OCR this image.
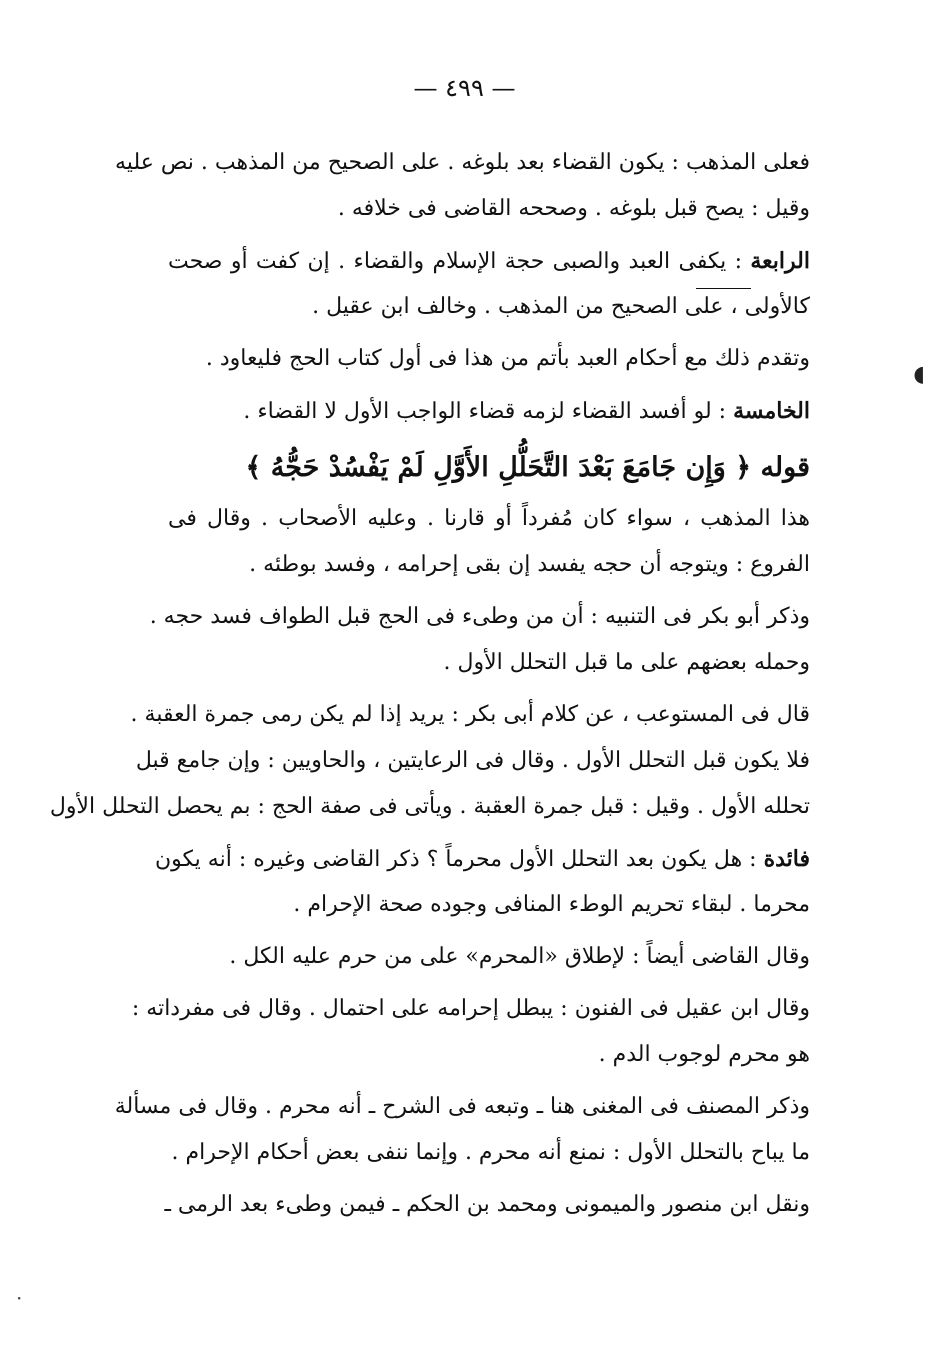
— ٤٩٩ —
◖
·
فعلى المذهب : يكون القضاء بعد بلوغه . على الصحيح من المذهب . نص عليه
وقيل : يصح قبل بلوغه . وصححه القاضى فى خلافه .
الرابعة : يكفى العبد والصبى حجة الإسلام والقضاء . إن كفت أو صحت
كالأولى ، على الصحيح من المذهب . وخالف ابن عقيل .
وتقدم ذلك مع أحكام العبد بأتم من هذا فى أول كتاب الحج فليعاود .
الخامسة : لو أفسد القضاء لزمه قضاء الواجب الأول لا القضاء .
قوله ﴿ وَإِن جَامَعَ بَعْدَ التَّحَلُّلِ الأَوَّلِ لَمْ يَفْسُدْ حَجُّهُ ﴾
هذا المذهب ، سواء كان مُفرداً أو قارنا . وعليه الأصحاب . وقال فى
الفروع : ويتوجه أن حجه يفسد إن بقى إحرامه ، وفسد بوطئه .
وذكر أبو بكر فى التنبيه : أن من وطىء فى الحج قبل الطواف فسد حجه .
وحمله بعضهم على ما قبل التحلل الأول .
قال فى المستوعب ، عن كلام أبى بكر : يريد إذا لم يكن رمى جمرة العقبة .
فلا يكون قبل التحلل الأول . وقال فى الرعايتين ، والحاويين : وإن جامع قبل
تحلله الأول . وقيل : قبل جمرة العقبة . ويأتى فى صفة الحج : بم يحصل التحلل الأول
فائدة : هل يكون بعد التحلل الأول محرماً ؟ ذكر القاضى وغيره : أنه يكون
محرما . لبقاء تحريم الوطء المنافى وجوده صحة الإحرام .
وقال القاضى أيضاً : لإطلاق «المحرم» على من حرم عليه الكل .
وقال ابن عقيل فى الفنون : يبطل إحرامه على احتمال . وقال فى مفرداته :
هو محرم لوجوب الدم .
وذكر المصنف فى المغنى هنا ـ وتبعه فى الشرح ـ أنه محرم . وقال فى مسألة
ما يباح بالتحلل الأول : نمنع أنه محرم . وإنما ننفى بعض أحكام الإحرام .
ونقل ابن منصور والميمونى ومحمد بن الحكم ـ فيمن وطىء بعد الرمى ـ
